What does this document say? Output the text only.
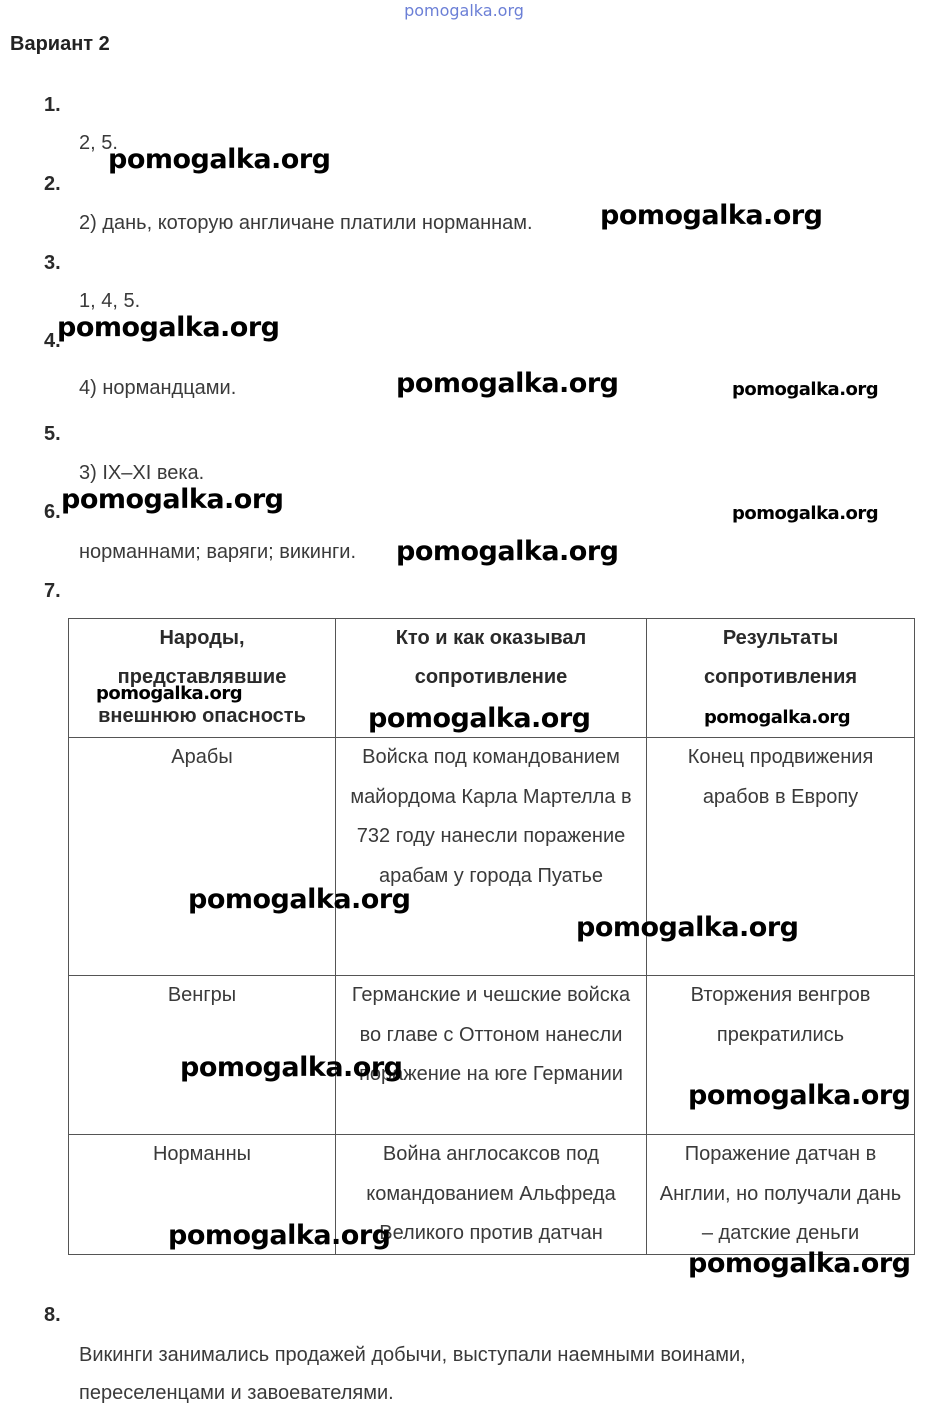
pomogalka.org
Вариант 2
1.
2, 5.
2.
2) дань, которую англичане платили норманнам.
3.
1, 4, 5.
4.
4) нормандцами.
5.
3) IX–XI века.
6.
норманнами; варяги; викинги.
7.
Народы, представлявшие внешнюю опасность	Кто и как оказывал сопротивление	Результаты сопротивления

Арабы	Войска под командованием майордома Карла Мартелла в 732 году нанесли поражение арабам у города Пуатье	Конец продвижения арабов в Европу
Венгры	Германские и чешские войска во главе с Оттоном нанесли поражение на юге Германии	Вторжения венгров прекратились
Норманны	Война англосаксов под командованием Альфреда Великого против датчан	Поражение датчан в Англии, но получали дань – датские деньги
8.
Викинги занимались продажей добычи, выступали наемными воинами, переселенцами и завоевателями.
pomogalka.org
pomogalka.org
pomogalka.org
pomogalka.org	pomogalka.org
pomogalka.org	pomogalka.org
pomogalka.org
pomogalka.org
pomogalka.org	pomogalka.org
pomogalka.org
pomogalka.org
pomogalka.org
pomogalka.org
pomogalka.org
pomogalka.org
